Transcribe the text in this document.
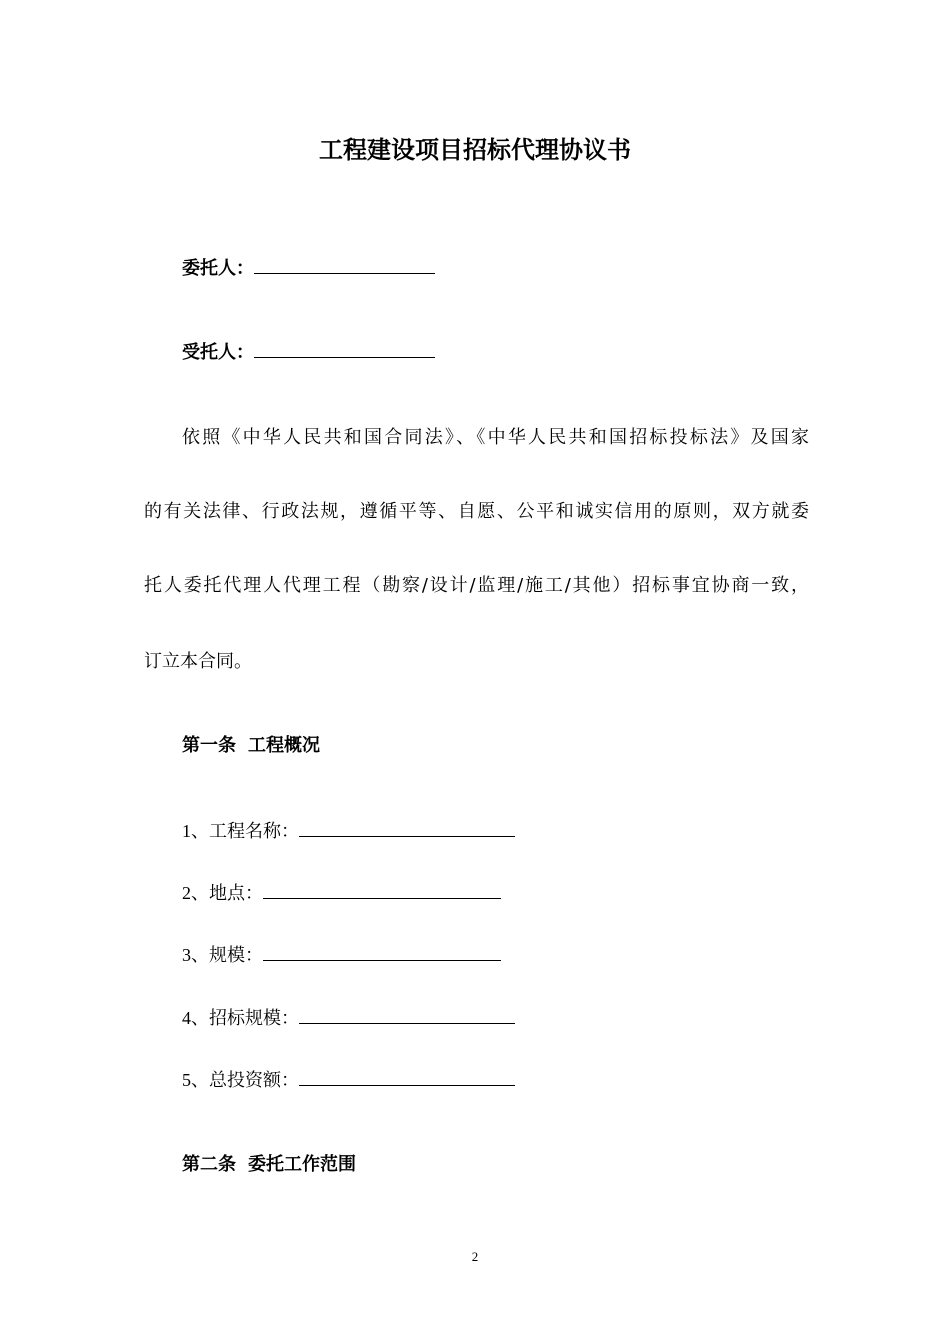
工程建设项目招标代理协议书
委托人：
受托人：
依照《中华人民共和国合同法》、《中华人民共和国招标投标法》及国家
的有关法律、行政法规，遵循平等、自愿、公平和诚实信用的原则，双方就委
托人委托代理人代理工程（勘察/设计/监理/施工/其他）招标事宜协商一致，
订立本合同。
第一条 工程概况
1、工程名称：
2、地点：
3、规模：
4、招标规模：
5、总投资额：
第二条 委托工作范围
2
